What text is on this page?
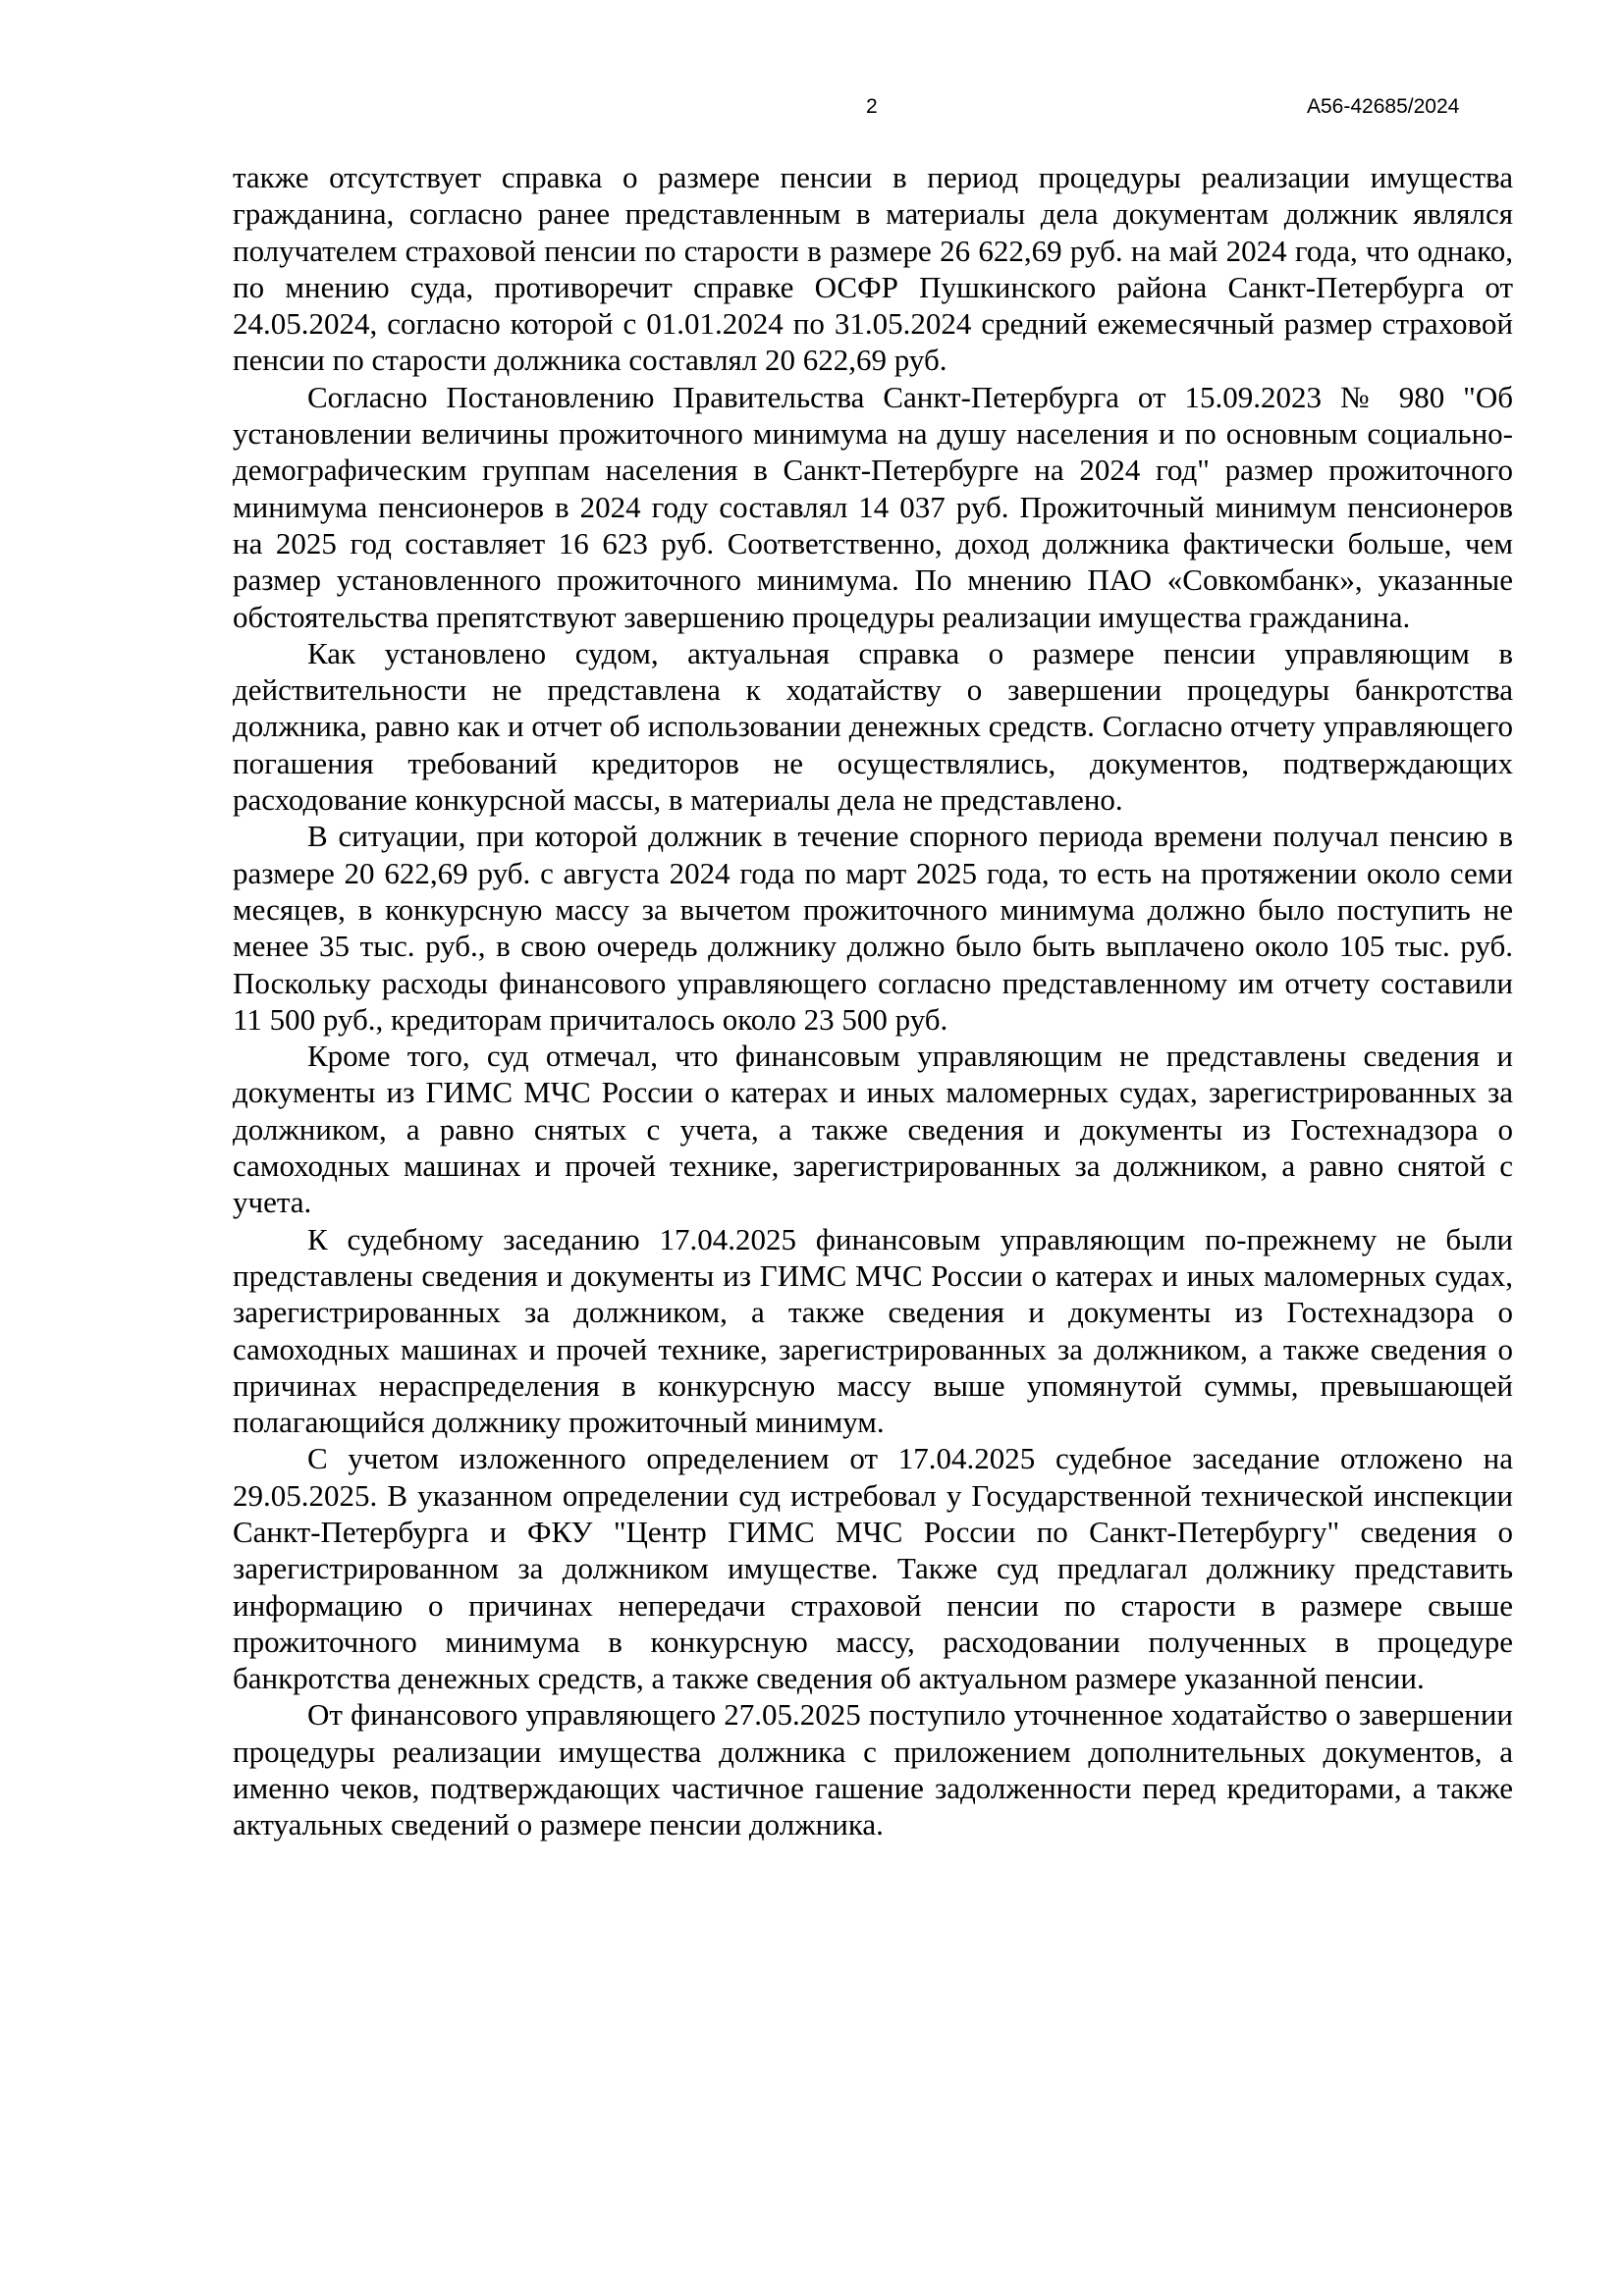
2	А56-42685/2024

также отсутствует справка о размере пенсии в период процедуры реализации имущества гражданина, согласно ранее представленным в материалы дела документам должник являлся получателем страховой пенсии по старости в размере 26 622,69 руб. на май 2024 года, что однако, по мнению суда, противоречит справке ОСФР Пушкинского района Санкт-Петербурга от 24.05.2024, согласно которой с 01.01.2024 по 31.05.2024 средний ежемесячный размер страховой пенсии по старости должника составлял 20 622,69 руб.

Согласно Постановлению Правительства Санкт-Петербурга от 15.09.2023 № 980 "Об установлении величины прожиточного минимума на душу населения и по основным социально-демографическим группам населения в Санкт-Петербурге на 2024 год" размер прожиточного минимума пенсионеров в 2024 году составлял 14 037 руб. Прожиточный минимум пенсионеров на 2025 год составляет 16 623 руб. Соответственно, доход должника фактически больше, чем размер установленного прожиточного минимума. По мнению ПАО «Совкомбанк», указанные обстоятельства препятствуют завершению процедуры реализации имущества гражданина.

Как установлено судом, актуальная справка о размере пенсии управляющим в действительности не представлена к ходатайству о завершении процедуры банкротства должника, равно как и отчет об использовании денежных средств. Согласно отчету управляющего погашения требований кредиторов не осуществлялись, документов, подтверждающих расходование конкурсной массы, в материалы дела не представлено.

В ситуации, при которой должник в течение спорного периода времени получал пенсию в размере 20 622,69 руб. с августа 2024 года по март 2025 года, то есть на протяжении около семи месяцев, в конкурсную массу за вычетом прожиточного минимума должно было поступить не менее 35 тыс. руб., в свою очередь должнику должно было быть выплачено около 105 тыс. руб. Поскольку расходы финансового управляющего согласно представленному им отчету составили 11 500 руб., кредиторам причиталось около 23 500 руб.

Кроме того, суд отмечал, что финансовым управляющим не представлены сведения и документы из ГИМС МЧС России о катерах и иных маломерных судах, зарегистрированных за должником, а равно снятых с учета, а также сведения и документы из Гостехнадзора о самоходных машинах и прочей технике, зарегистрированных за должником, а равно снятой с учета.

К судебному заседанию 17.04.2025 финансовым управляющим по-прежнему не были представлены сведения и документы из ГИМС МЧС России о катерах и иных маломерных судах, зарегистрированных за должником, а также сведения и документы из Гостехнадзора о самоходных машинах и прочей технике, зарегистрированных за должником, а также сведения о причинах нераспределения в конкурсную массу выше упомянутой суммы, превышающей полагающийся должнику прожиточный минимум.

С учетом изложенного определением от 17.04.2025 судебное заседание отложено на 29.05.2025. В указанном определении суд истребовал у Государственной технической инспекции Санкт-Петербурга и ФКУ "Центр ГИМС МЧС России по Санкт-Петербургу" сведения о зарегистрированном за должником имуществе. Также суд предлагал должнику представить информацию о причинах непередачи страховой пенсии по старости в размере свыше прожиточного минимума в конкурсную массу, расходовании полученных в процедуре банкротства денежных средств, а также сведения об актуальном размере указанной пенсии.

От финансового управляющего 27.05.2025 поступило уточненное ходатайство о завершении процедуры реализации имущества должника с приложением дополнительных документов, а именно чеков, подтверждающих частичное гашение задолженности перед кредиторами, а также актуальных сведений о размере пенсии должника.
